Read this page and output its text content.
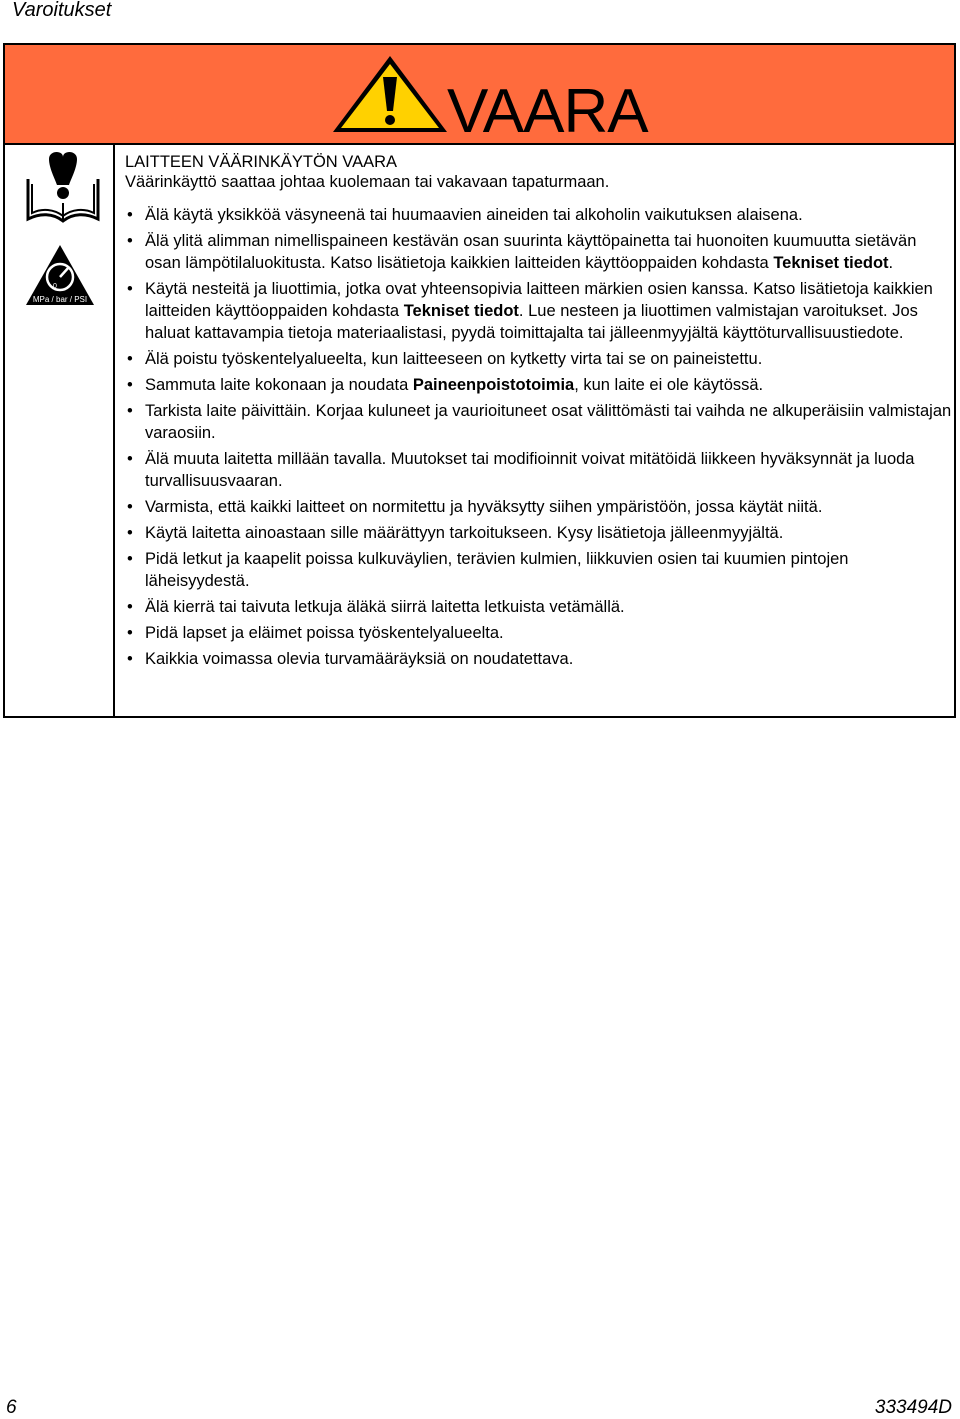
Varoitukset
VAARA
0
MPa / bar / PSI
LAITTEEN VÄÄRINKÄYTÖN VAARA
Väärinkäyttö saattaa johtaa kuolemaan tai vakavaan tapaturmaan.
• Älä käytä yksikköä väsyneenä tai huumaavien aineiden tai alkoholin vaikutuksen alaisena.
• Älä ylitä alimman nimellispaineen kestävän osan suurinta käyttöpainetta tai huonoiten kuumuutta sietävän osan lämpötilaluokitusta. Katso lisätietoja kaikkien laitteiden käyttöoppaiden kohdasta Tekniset tiedot.
• Käytä nesteitä ja liuottimia, jotka ovat yhteensopivia laitteen märkien osien kanssa. Katso lisätietoja kaikkien laitteiden käyttöoppaiden kohdasta Tekniset tiedot. Lue nesteen ja liuottimen valmistajan varoitukset. Jos haluat kattavampia tietoja materiaalistasi, pyydä toimittajalta tai jälleenmyyjältä käyttöturvallisuustiedote.
• Älä poistu työskentelyalueelta, kun laitteeseen on kytketty virta tai se on paineistettu.
• Sammuta laite kokonaan ja noudata Paineenpoistotoimia, kun laite ei ole käytössä.
• Tarkista laite päivittäin. Korjaa kuluneet ja vaurioituneet osat välittömästi tai vaihda ne alkuperäisiin valmistajan varaosiin.
• Älä muuta laitetta millään tavalla. Muutokset tai modifioinnit voivat mitätöidä liikkeen hyväksynnät ja luoda turvallisuusvaaran.
• Varmista, että kaikki laitteet on normitettu ja hyväksytty siihen ympäristöön, jossa käytät niitä.
• Käytä laitetta ainoastaan sille määrättyyn tarkoitukseen. Kysy lisätietoja jälleenmyyjältä.
• Pidä letkut ja kaapelit poissa kulkuväylien, terävien kulmien, liikkuvien osien tai kuumien pintojen läheisyydestä.
• Älä kierrä tai taivuta letkuja äläkä siirrä laitetta letkuista vetämällä.
• Pidä lapset ja eläimet poissa työskentelyalueelta.
• Kaikkia voimassa olevia turvamääräyksiä on noudatettava.
6	333494D
